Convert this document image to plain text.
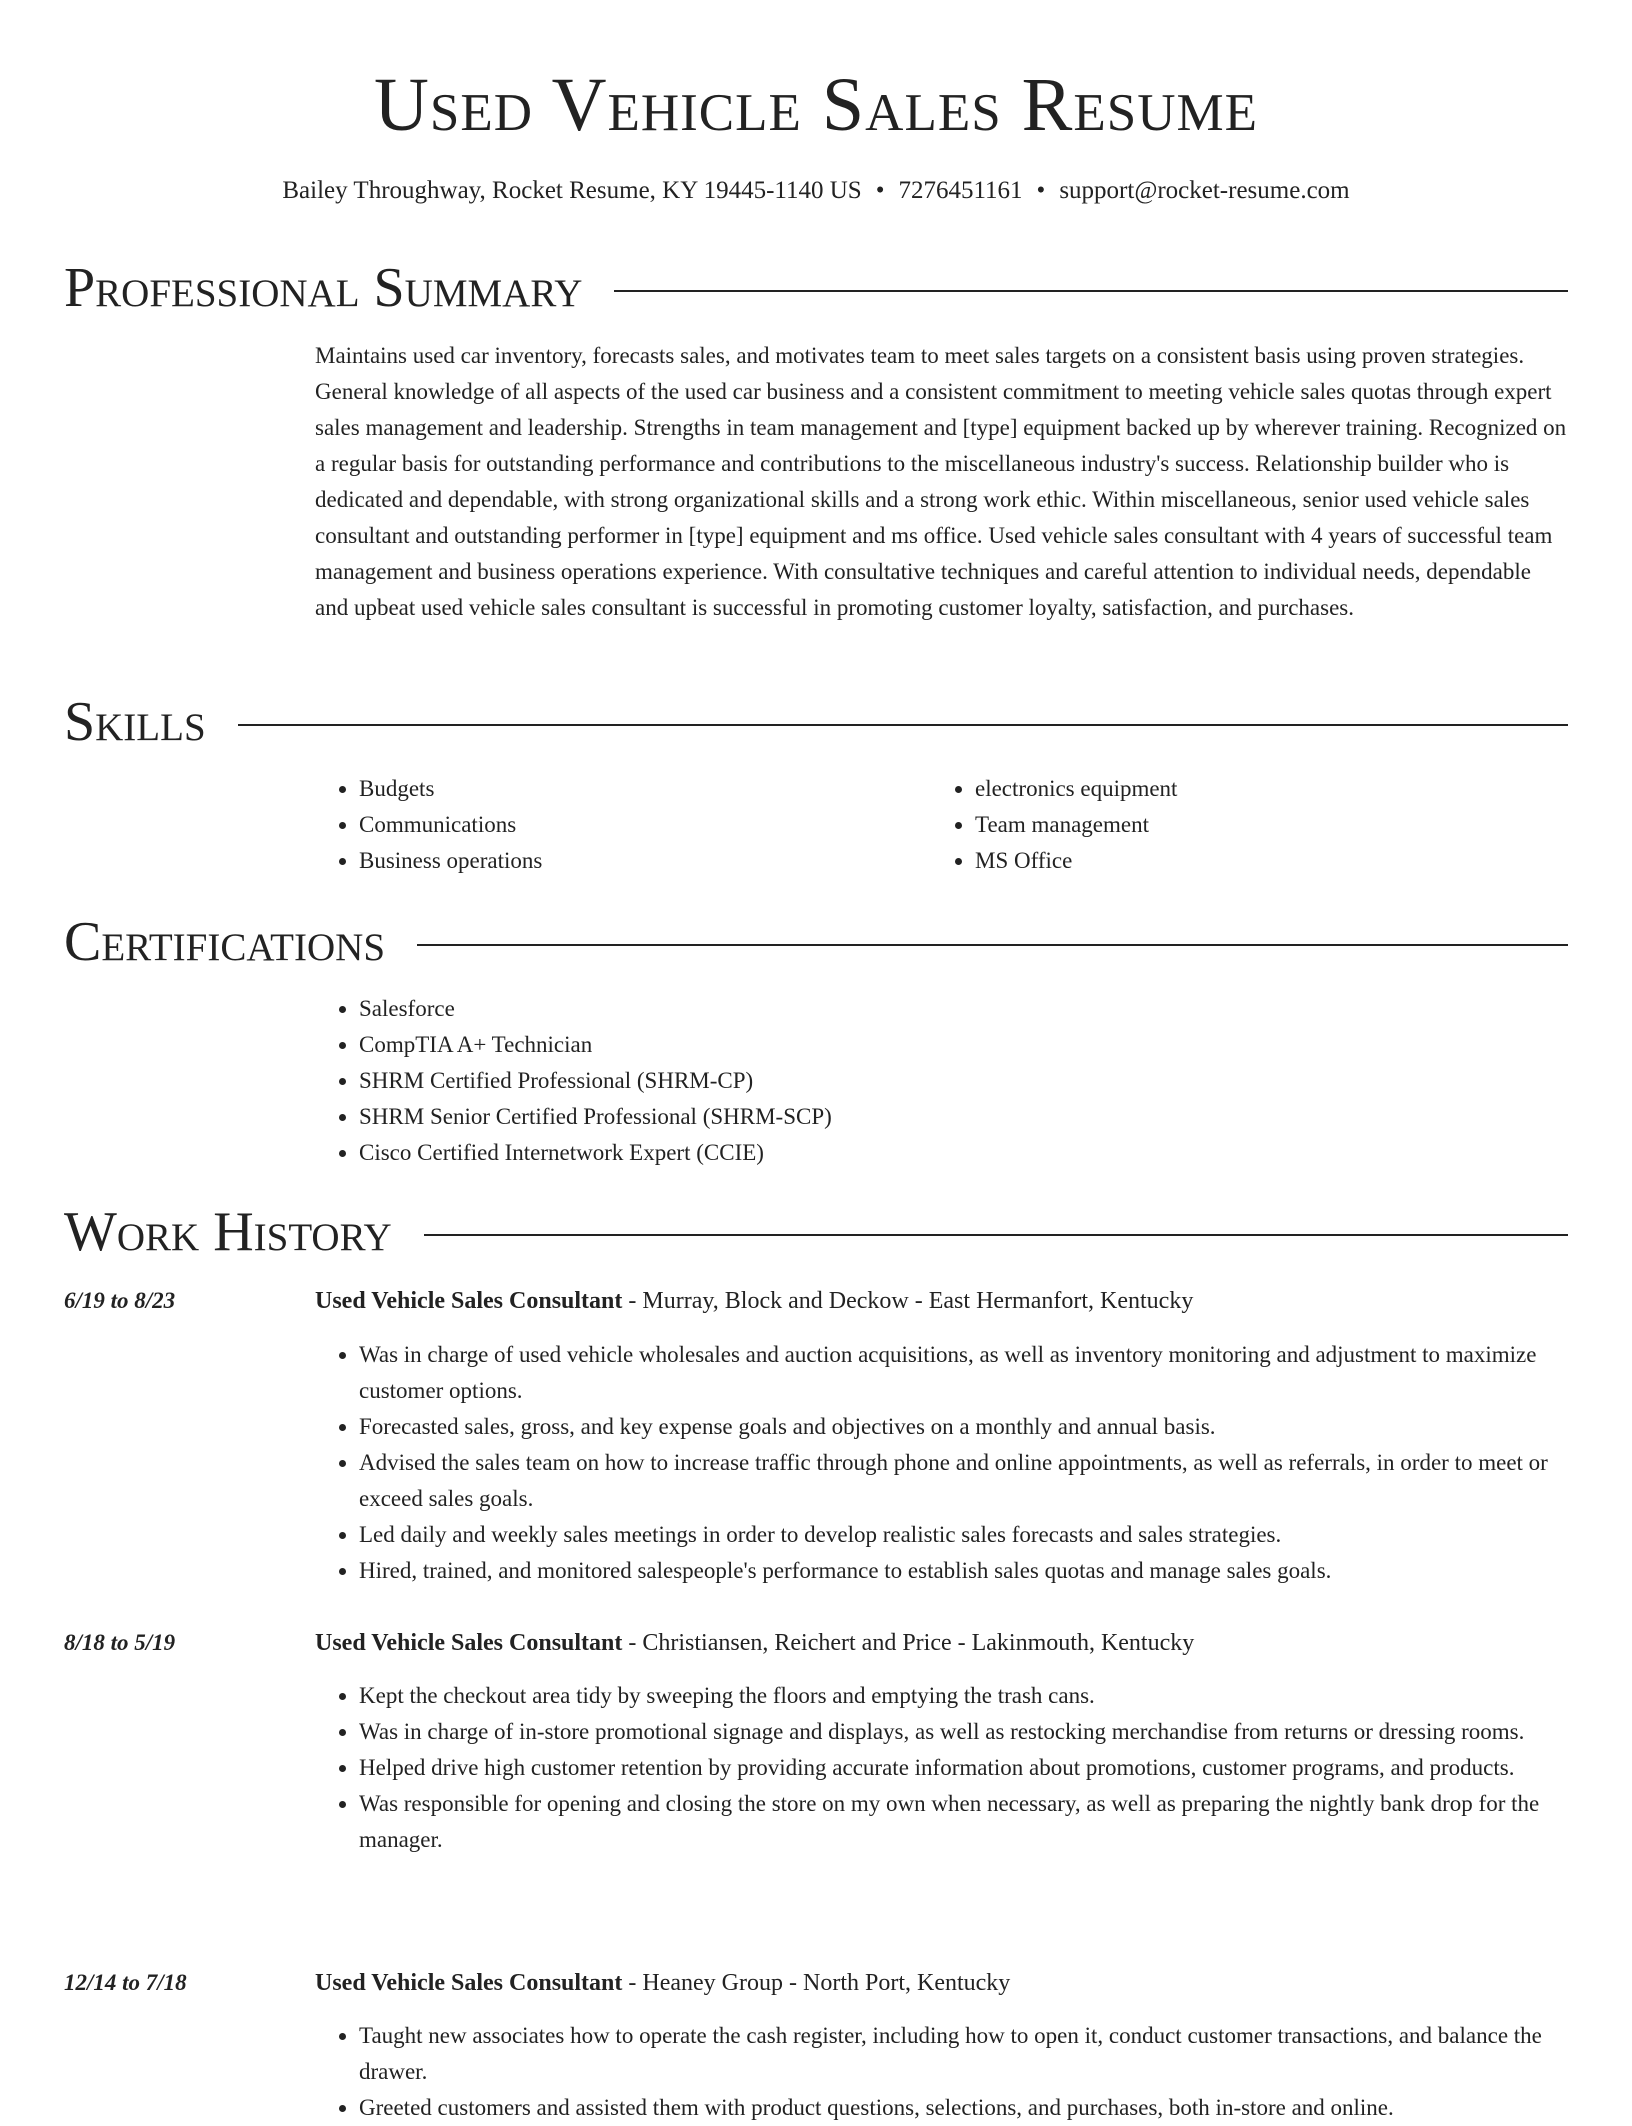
Used Vehicle Sales Resume
Bailey Throughway, Rocket Resume, KY 19445-1140 US • 7276451161 • support@rocket-resume.com
Professional Summary

Maintains used car inventory, forecasts sales, and motivates team to meet sales targets on a consistent basis using proven strategies. General knowledge of all aspects of the used car business and a consistent commitment to meeting vehicle sales quotas through expert sales management and leadership. Strengths in team management and [type] equipment backed up by wherever training. Recognized on a regular basis for outstanding performance and contributions to the miscellaneous industry's success. Relationship builder who is dedicated and dependable, with strong organizational skills and a strong work ethic. Within miscellaneous, senior used vehicle sales consultant and outstanding performer in [type] equipment and ms office. Used vehicle sales consultant with 4 years of successful team management and business operations experience. With consultative techniques and careful attention to individual needs, dependable and upbeat used vehicle sales consultant is successful in promoting customer loyalty, satisfaction, and purchases.

Skills
• Budgets
• Communications
• Business operations
• electronics equipment
• Team management
• MS Office
Certifications
• Salesforce
• CompTIA A+ Technician
• SHRM Certified Professional (SHRM-CP)
• SHRM Senior Certified Professional (SHRM-SCP)
• Cisco Certified Internetwork Expert (CCIE)
Work History
6/19 to 8/23	Used Vehicle Sales Consultant - Murray, Block and Deckow - East Hermanfort, Kentucky
• Was in charge of used vehicle wholesales and auction acquisitions, as well as inventory monitoring and adjustment to maximize customer options.
• Forecasted sales, gross, and key expense goals and objectives on a monthly and annual basis.
• Advised the sales team on how to increase traffic through phone and online appointments, as well as referrals, in order to meet or exceed sales goals.
• Led daily and weekly sales meetings in order to develop realistic sales forecasts and sales strategies.
• Hired, trained, and monitored salespeople's performance to establish sales quotas and manage sales goals.
8/18 to 5/19	Used Vehicle Sales Consultant - Christiansen, Reichert and Price - Lakinmouth, Kentucky
• Kept the checkout area tidy by sweeping the floors and emptying the trash cans.
• Was in charge of in-store promotional signage and displays, as well as restocking merchandise from returns or dressing rooms.
• Helped drive high customer retention by providing accurate information about promotions, customer programs, and products.
• Was responsible for opening and closing the store on my own when necessary, as well as preparing the nightly bank drop for the manager.
12/14 to 7/18	Used Vehicle Sales Consultant - Heaney Group - North Port, Kentucky
• Taught new associates how to operate the cash register, including how to open it, conduct customer transactions, and balance the drawer.
• Greeted customers and assisted them with product questions, selections, and purchases, both in-store and online.
